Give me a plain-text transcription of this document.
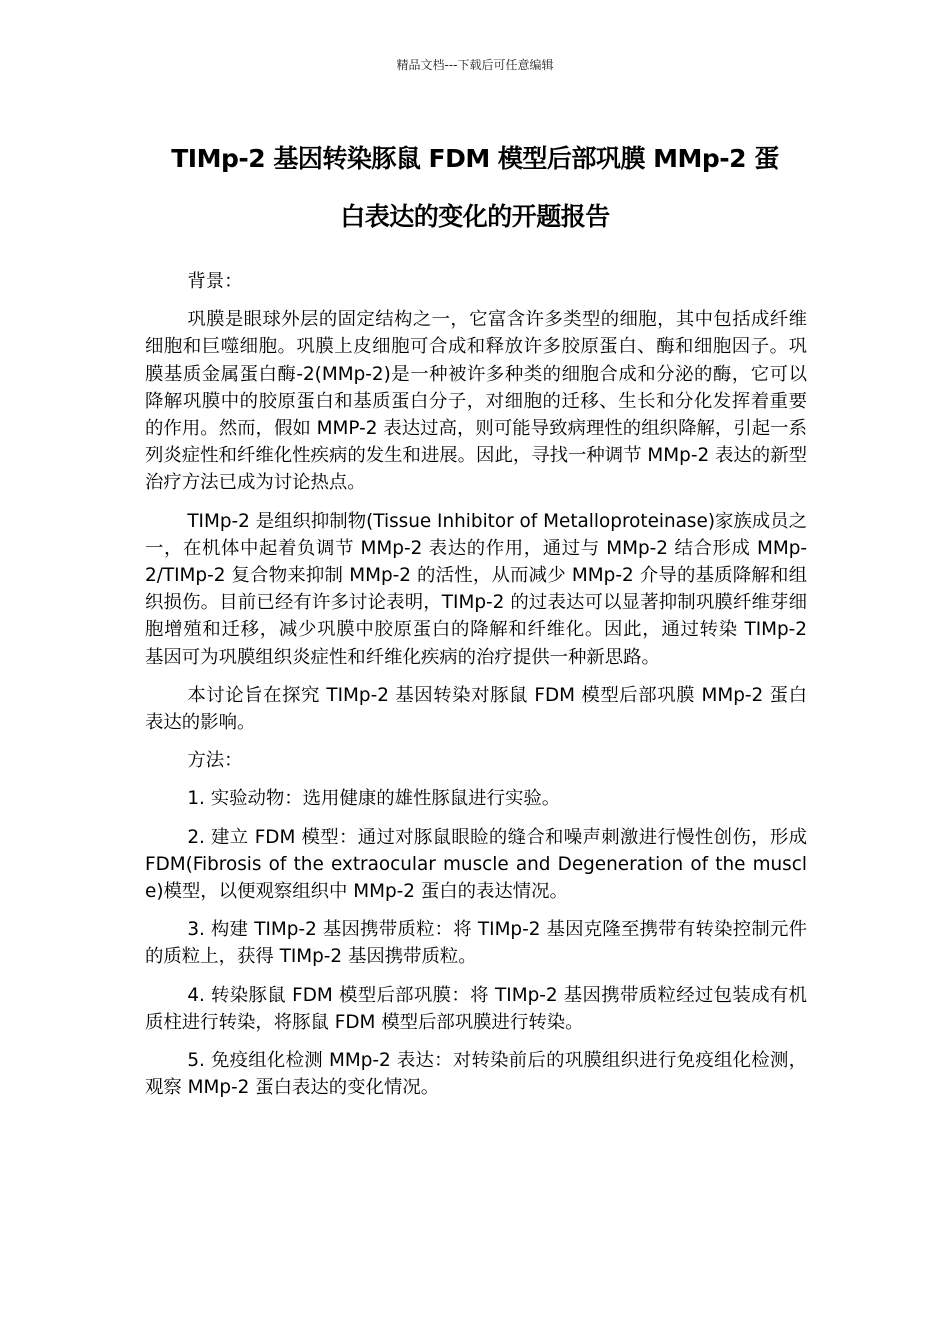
精品文档---下载后可任意编辑
TIMp-2 基因转染豚鼠 FDM 模型后部巩膜 MMp-2 蛋
白表达的变化的开题报告

背景：

巩膜是眼球外层的固定结构之一，它富含许多类型的细胞，其中包括成纤维细胞和巨噬细胞。巩膜上皮细胞可合成和释放许多胶原蛋白、酶和细胞因子。巩膜基质金属蛋白酶-2(MMp-2)是一种被许多种类的细胞合成和分泌的酶，它可以降解巩膜中的胶原蛋白和基质蛋白分子，对细胞的迁移、生长和分化发挥着重要的作用。然而，假如 MMP-2 表达过高，则可能导致病理性的组织降解，引起一系列炎症性和纤维化性疾病的发生和进展。因此，寻找一种调节 MMp-2 表达的新型治疗方法已成为讨论热点。

TIMp-2 是组织抑制物(Tissue Inhibitor of Metalloproteinase)家族成员之一，在机体中起着负调节 MMp-2 表达的作用，通过与 MMp-2 结合形成 MMp-2/TIMp-2 复合物来抑制 MMp-2 的活性，从而减少 MMp-2 介导的基质降解和组织损伤。目前已经有许多讨论表明，TIMp-2 的过表达可以显著抑制巩膜纤维芽细胞增殖和迁移，减少巩膜中胶原蛋白的降解和纤维化。因此，通过转染 TIMp-2 基因可为巩膜组织炎症性和纤维化疾病的治疗提供一种新思路。

本讨论旨在探究 TIMp-2 基因转染对豚鼠 FDM 模型后部巩膜 MMp-2 蛋白表达的影响。

方法：

1. 实验动物：选用健康的雄性豚鼠进行实验。

2. 建立 FDM 模型：通过对豚鼠眼睑的缝合和噪声刺激进行慢性创伤，形成 FDM(Fibrosis of the extraocular muscle and Degeneration of the muscle)模型，以便观察组织中 MMp-2 蛋白的表达情况。

3. 构建 TIMp-2 基因携带质粒：将 TIMp-2 基因克隆至携带有转染控制元件的质粒上，获得 TIMp-2 基因携带质粒。

4. 转染豚鼠 FDM 模型后部巩膜：将 TIMp-2 基因携带质粒经过包装成有机质柱进行转染，将豚鼠 FDM 模型后部巩膜进行转染。

5. 免疫组化检测 MMp-2 表达：对转染前后的巩膜组织进行免疫组化检测，观察 MMp-2 蛋白表达的变化情况。
